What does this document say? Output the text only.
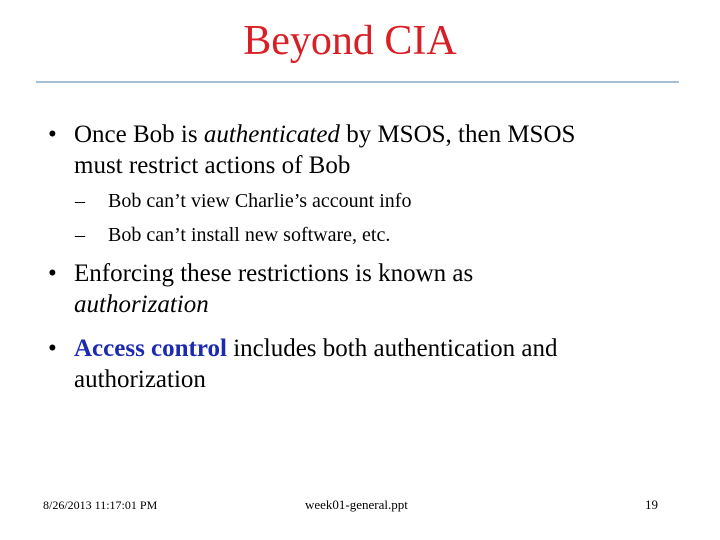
Beyond CIA
• Once Bob is authenticated by MSOS, then MSOS
must restrict actions of Bob
– Bob can’t view Charlie’s account info
– Bob can’t install new software, etc.
• Enforcing these restrictions is known as
authorization
• Access control includes both authentication and
authorization
8/26/2013 11:17:01 PM	week01-general.ppt	19
